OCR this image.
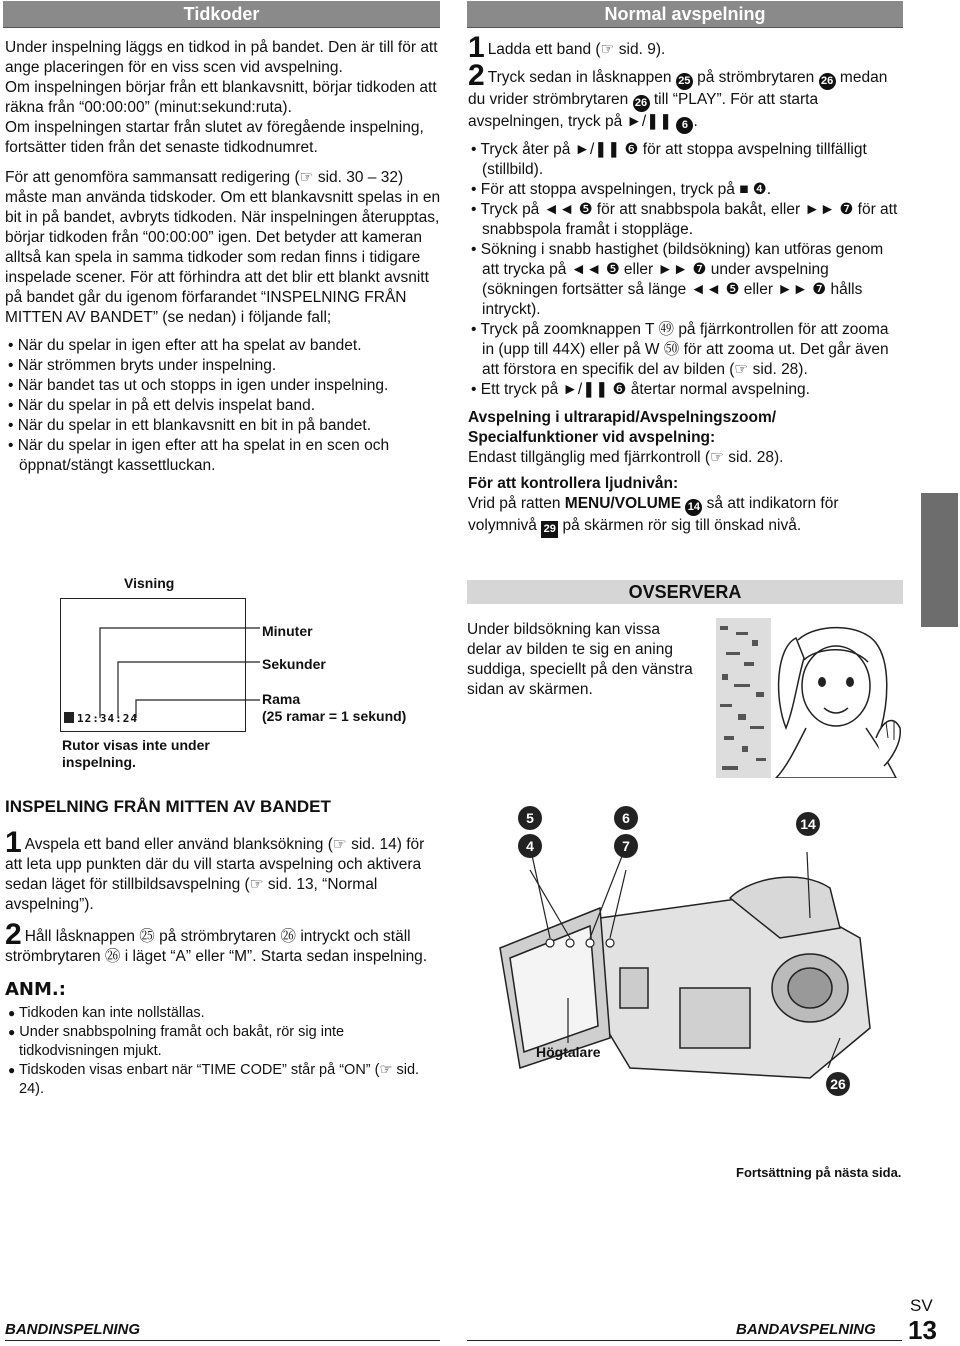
Tidkoder

Under inspelning läggs en tidkod in på bandet. Den är till för att ange placeringen för en viss scen vid avspelning.

Om inspelningen börjar från ett blankavsnitt, börjar tidkoden att räkna från “00:00:00” (minut:sekund:ruta).

Om inspelningen startar från slutet av föregående inspelning, fortsätter tiden från det senaste tidkodnumret.

För att genomföra sammansatt redigering (☞ sid. 30 – 32) måste man använda tidskoder. Om ett blankavsnitt spelas in en bit in på bandet, avbryts tidkoden. När inspelningen återupptas, börjar tidkoden från “00:00:00” igen. Det betyder att kameran alltså kan spela in samma tidkoder som redan finns i tidigare inspelade scener. För att förhindra att det blir ett blankt avsnitt på bandet går du igenom förfarandet “INSPELNING FRÅN MITTEN AV BANDET” (se nedan) i följande fall;

• När du spelar in igen efter att ha spelat av bandet.

• När strömmen bryts under inspelning.

• När bandet tas ut och stopps in igen under inspelning.

• När du spelar in på ett delvis inspelat band.

• När du spelar in ett blankavsnitt en bit in på bandet.

• När du spelar in igen efter att ha spelat in en scen och öppnat/stängt kassettluckan.

Visning
12:34:24
Minuter
Sekunder
Rama
(25 ramar = 1 sekund)
Rutor visas inte under inspelning.
Normal avspelning

1 Ladda ett band (☞ sid. 9).

2 Tryck sedan in låsknappen 25 på strömbrytaren 26 medan du vrider strömbrytaren 26 till “PLAY”. För att starta avspelningen, tryck på ►/❚❚ 6 .

• Tryck åter på ►/❚❚ ❻ för att stoppa avspelning tillfälligt (stillbild).

• För att stoppa avspelningen, tryck på ■ ❹.

• Tryck på ◄◄ ❺ för att snabbspola bakåt, eller ►► ❼ för att snabbspola framåt i stoppläge.

• Sökning i snabb hastighet (bildsökning) kan utföras genom att trycka på ◄◄ ❺ eller ►► ❼ under avspelning (sökningen fortsätter så länge ◄◄ ❺ eller ►► ❼ hålls intryckt).

• Tryck på zoomknappen T ㊾ på fjärrkontrollen för att zooma in (upp till 44X) eller på W ㊿ för att zooma ut. Det går även att förstora en specifik del av bilden (☞ sid. 28).

• Ett tryck på ►/❚❚ ❻ återtar normal avspelning.

Avspelning i ultrarapid/Avspelningszoom/ Specialfunktioner vid avspelning:

Endast tillgänglig med fjärrkontroll (☞ sid. 28).

För att kontrollera ljudnivån:

Vrid på ratten MENU/VOLUME 14 så att indikatorn för volymnivå 29 på skärmen rör sig till önskad nivå.

OVSERVERA
Under bildsökning kan vissa delar av bilden te sig en aning suddiga, speciellt på den vänstra sidan av skärmen.
INSPELNING FRÅN MITTEN AV BANDET

1 Avspela ett band eller använd blanksökning (☞ sid. 14) för att leta upp punkten där du vill starta avspelning och aktivera sedan läget för stillbildsavspelning (☞ sid. 13, “Normal avspelning”).

2 Håll låsknappen ㉕ på strömbrytaren ㉖ intryckt och ställ strömbrytaren ㉖ i läget “A” eller “M”. Starta sedan inspelning.

ANM.:

● Tidkoden kan inte nollställas.

● Under snabbspolning framåt och bakåt, rör sig inte tidkodvisningen mjukt.

● Tidskoden visas enbart när “TIME CODE” står på “ON” (☞ sid. 24).

5	6
4	7
14
26
Högtalare
Fortsättning på nästa sida.
BANDINSPELNING	BANDAVSPELNING
SV
13
